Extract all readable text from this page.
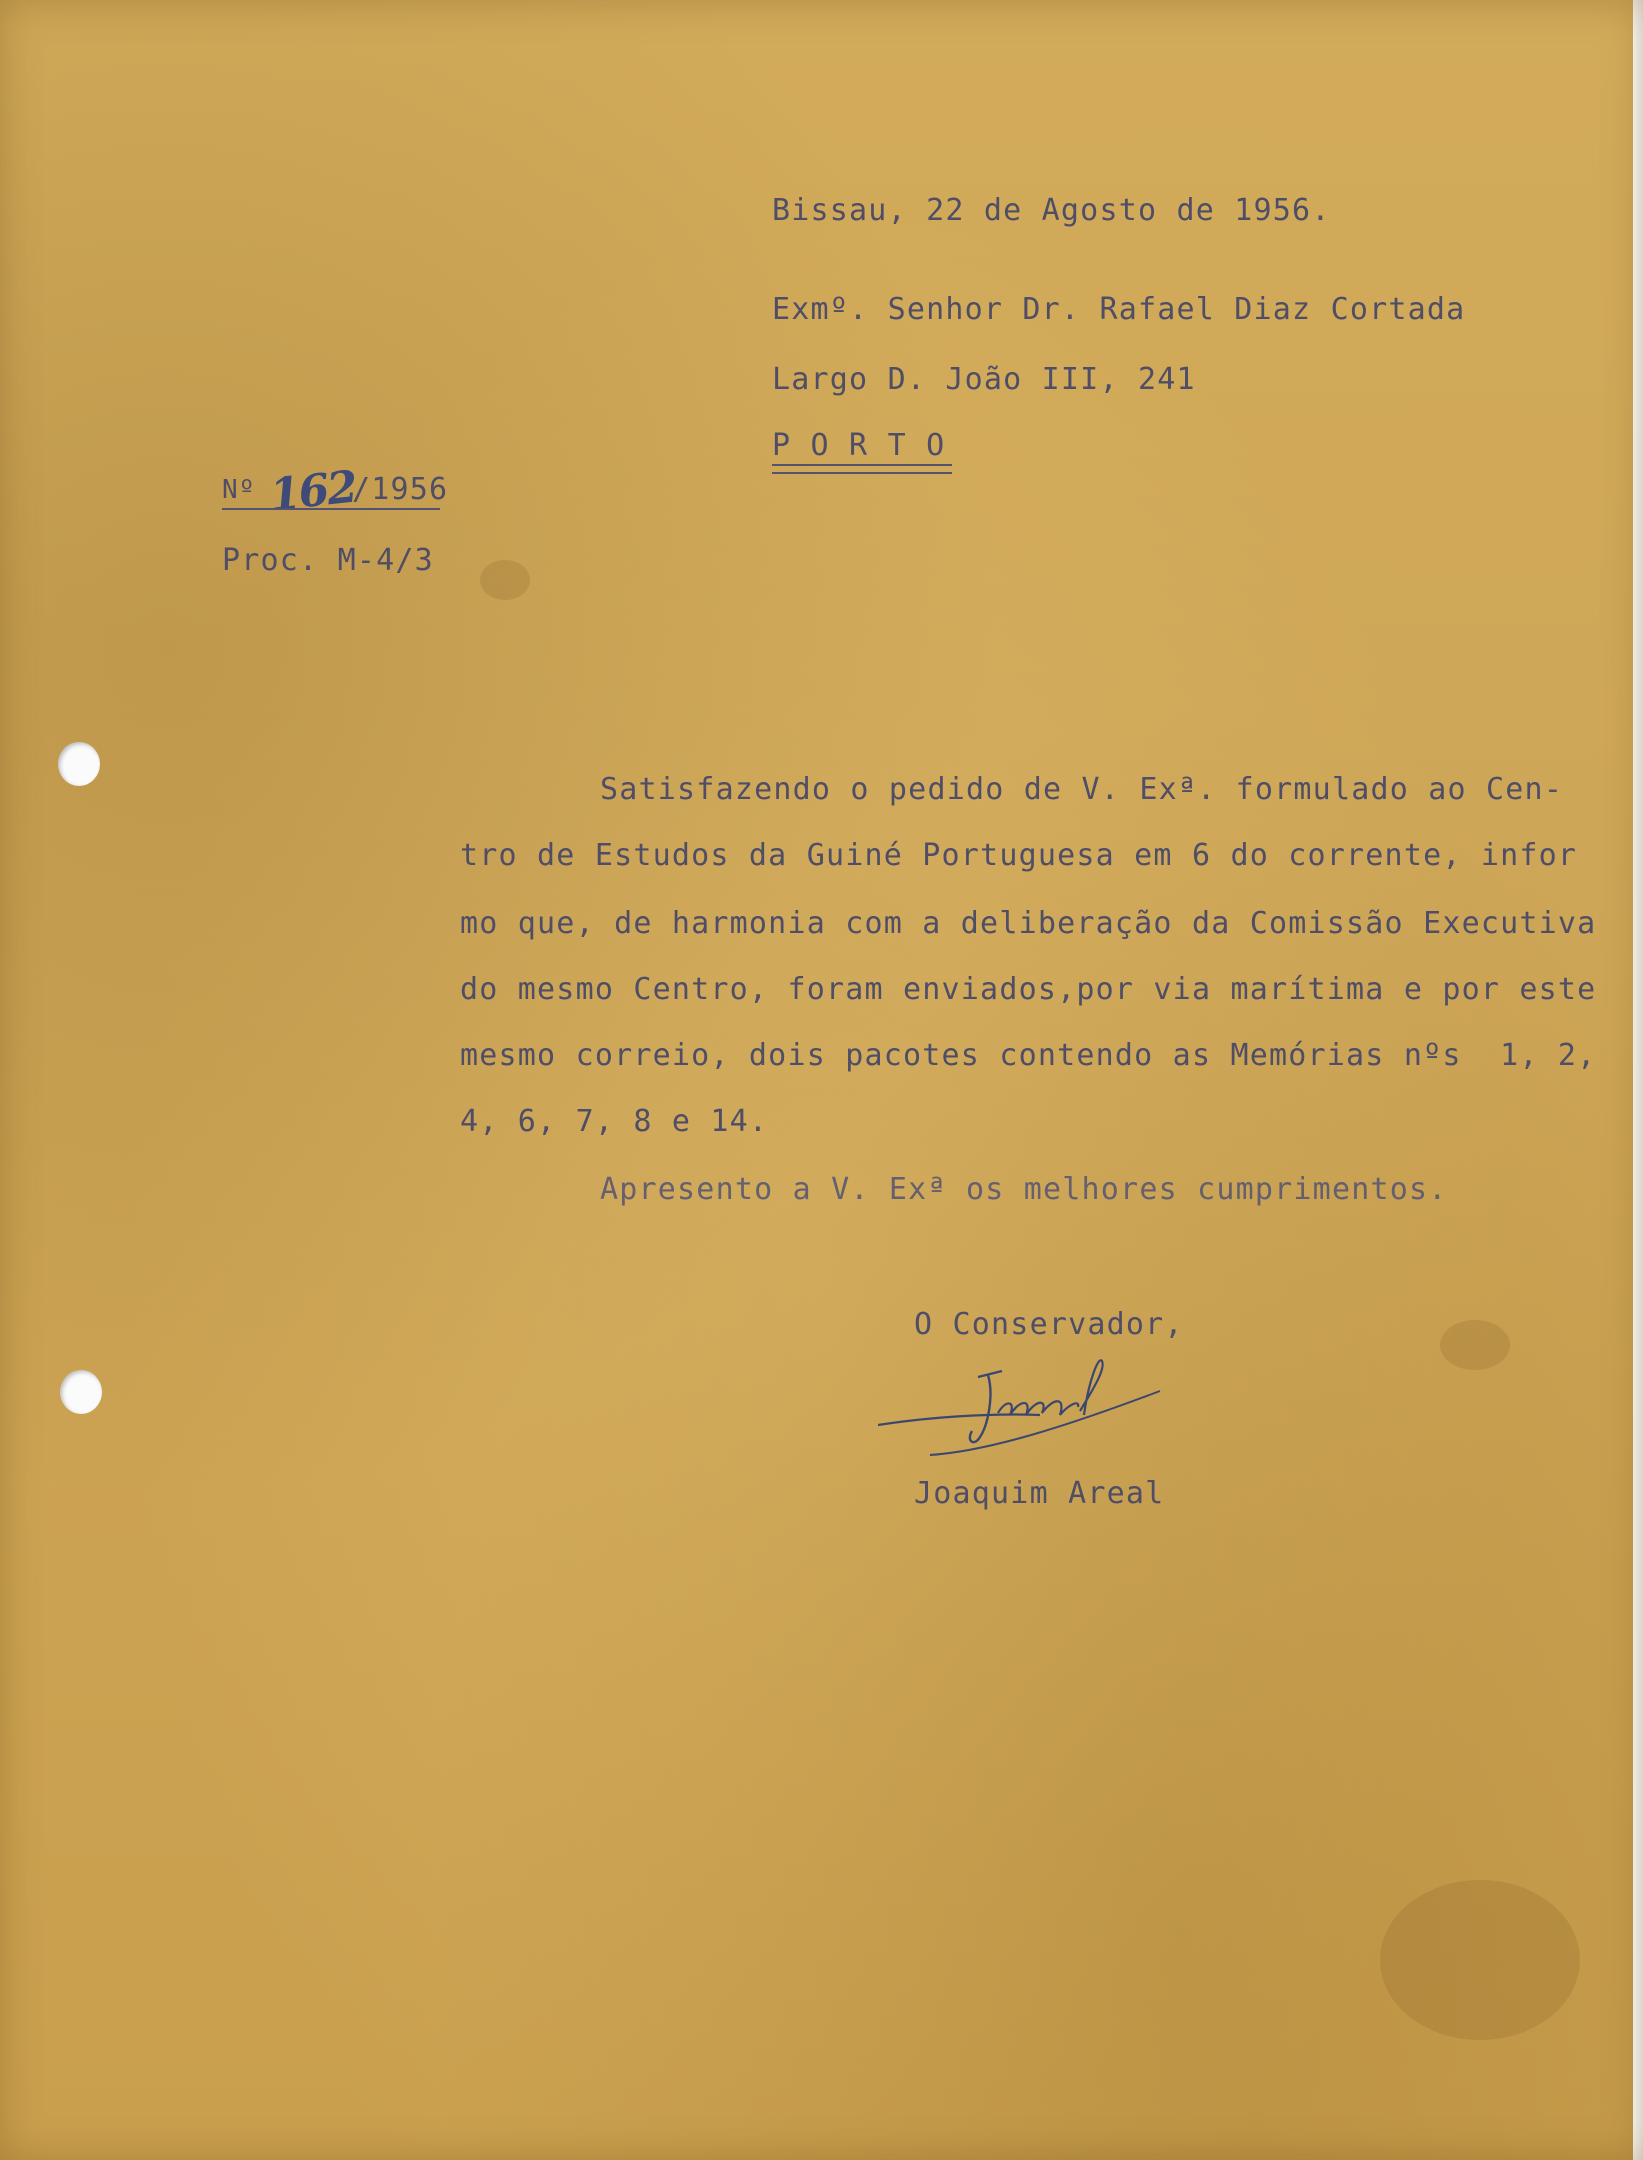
Bissau, 22 de Agosto de 1956.
Exmº. Senhor Dr. Rafael Diaz Cortada
Largo D. João III, 241
P O R T O
Nº 162
/1956
Proc. M-4/3
Satisfazendo o pedido de V. Exª. formulado ao Cen-
tro de Estudos da Guiné Portuguesa em 6 do corrente, infor
mo que, de harmonia com a deliberação da Comissão Executiva
do mesmo Centro, foram enviados,por via marítima e por este
mesmo correio, dois pacotes contendo as Memórias nºs  1, 2,
4, 6, 7, 8 e 14.
Apresento a V. Exª os melhores cumprimentos.
O Conservador,
Joaquim Areal
